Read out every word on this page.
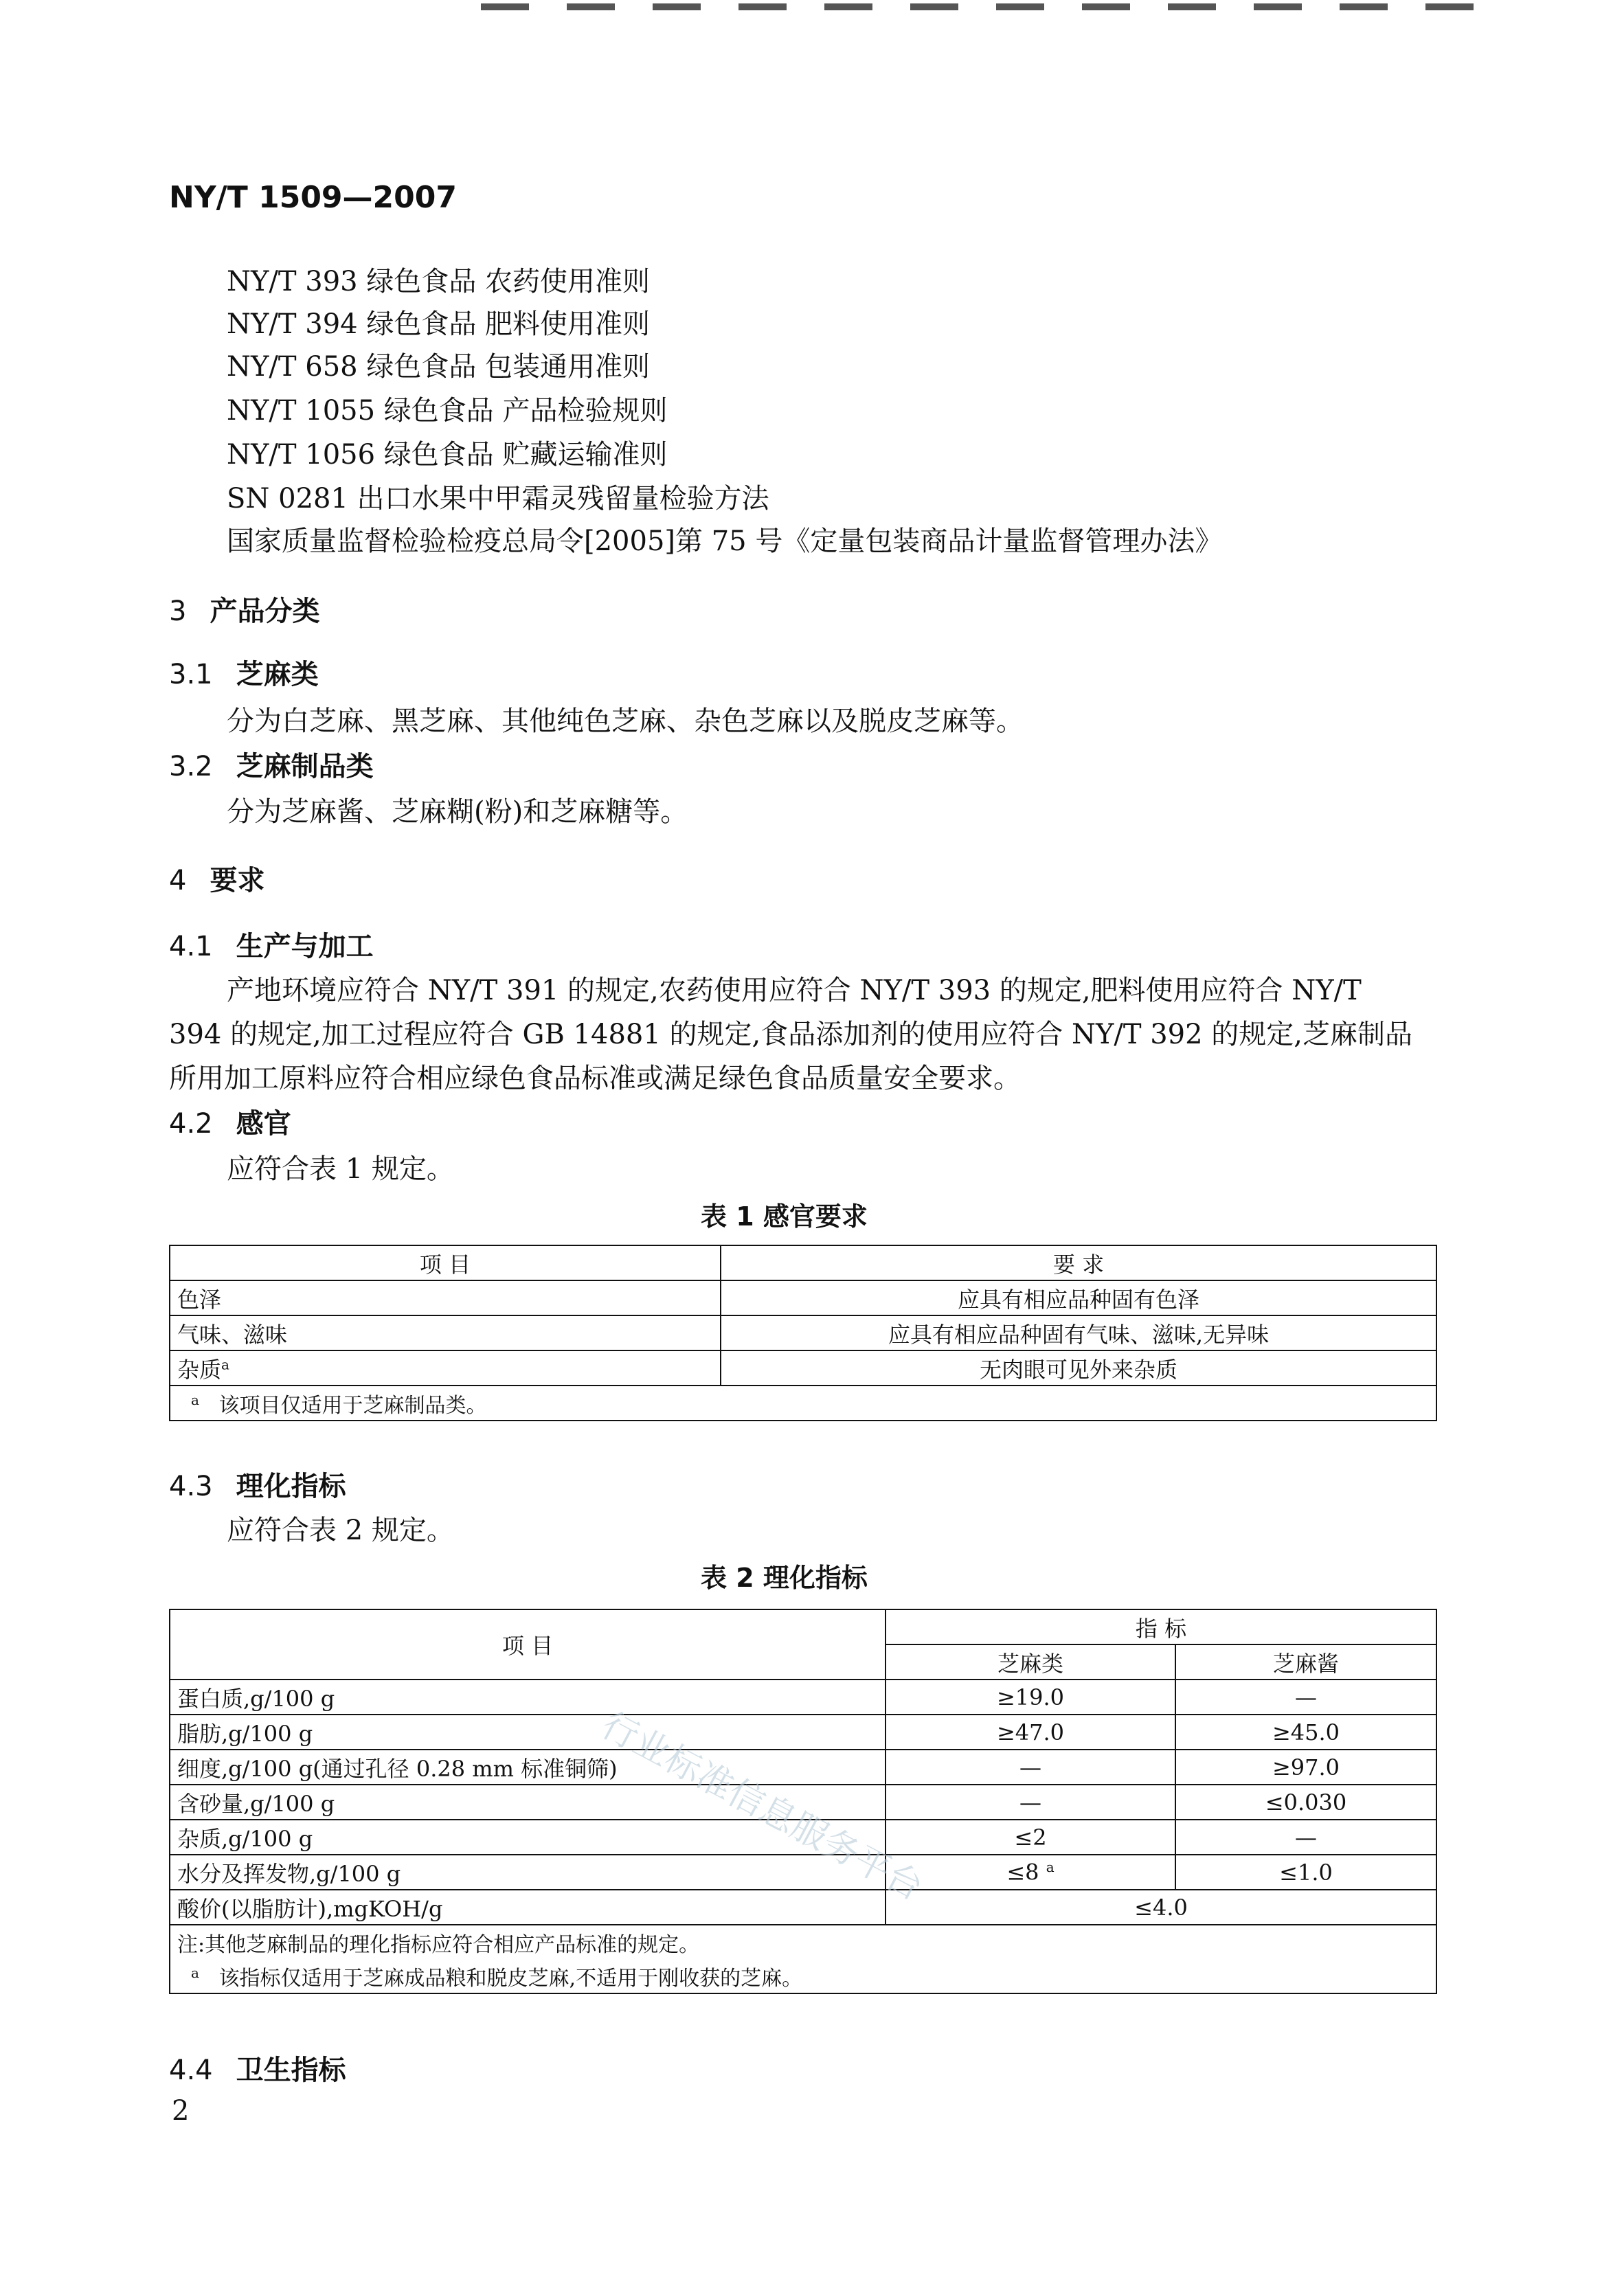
NY/T 1509—2007
NY/T 393 绿色食品 农药使用准则
NY/T 394 绿色食品 肥料使用准则
NY/T 658 绿色食品 包装通用准则
NY/T 1055 绿色食品 产品检验规则
NY/T 1056 绿色食品 贮藏运输准则
SN 0281 出口水果中甲霜灵残留量检验方法
国家质量监督检验检疫总局令[2005]第 75 号《定量包装商品计量监督管理办法》
3 产品分类
3.1 芝麻类
分为白芝麻、黑芝麻、其他纯色芝麻、杂色芝麻以及脱皮芝麻等。
3.2 芝麻制品类
分为芝麻酱、芝麻糊(粉)和芝麻糖等。
4 要求
4.1 生产与加工
产地环境应符合 NY/T 391 的规定,农药使用应符合 NY/T 393 的规定,肥料使用应符合 NY/T
394 的规定,加工过程应符合 GB 14881 的规定,食品添加剂的使用应符合 NY/T 392 的规定,芝麻制品
所用加工原料应符合相应绿色食品标准或满足绿色食品质量安全要求。
4.2 感官
应符合表 1 规定。
表 1 感官要求
项 目	要 求
色泽	应具有相应品种固有色泽
气味、滋味	应具有相应品种固有气味、滋味,无异味
杂质$^a$	无肉眼可见外来杂质
$^a$ 该项目仅适用于芝麻制品类。	
4.3 理化指标
应符合表 2 规定。
表 2 理化指标
项 目	指 标	
	芝麻类	芝麻酱
蛋白质,g/100 g	≥19.0	—
脂肪,g/100 g	≥47.0	≥45.0
细度,g/100 g(通过孔径 0.28 mm 标准铜筛)	—	≥97.0
含砂量,g/100 g	—	≤0.030
杂质,g/100 g	≤2	—
水分及挥发物,g/100 g	≤8 $^a$	≤1.0
酸价(以脂肪计),mgKOH/g	≤4.0	
注:其他芝麻制品的理化指标应符合相应产品标准的规定。		
$^a$ 该指标仅适用于芝麻成品粮和脱皮芝麻,不适用于刚收获的芝麻。		
行业标准信息服务平台
4.4 卫生指标
2
